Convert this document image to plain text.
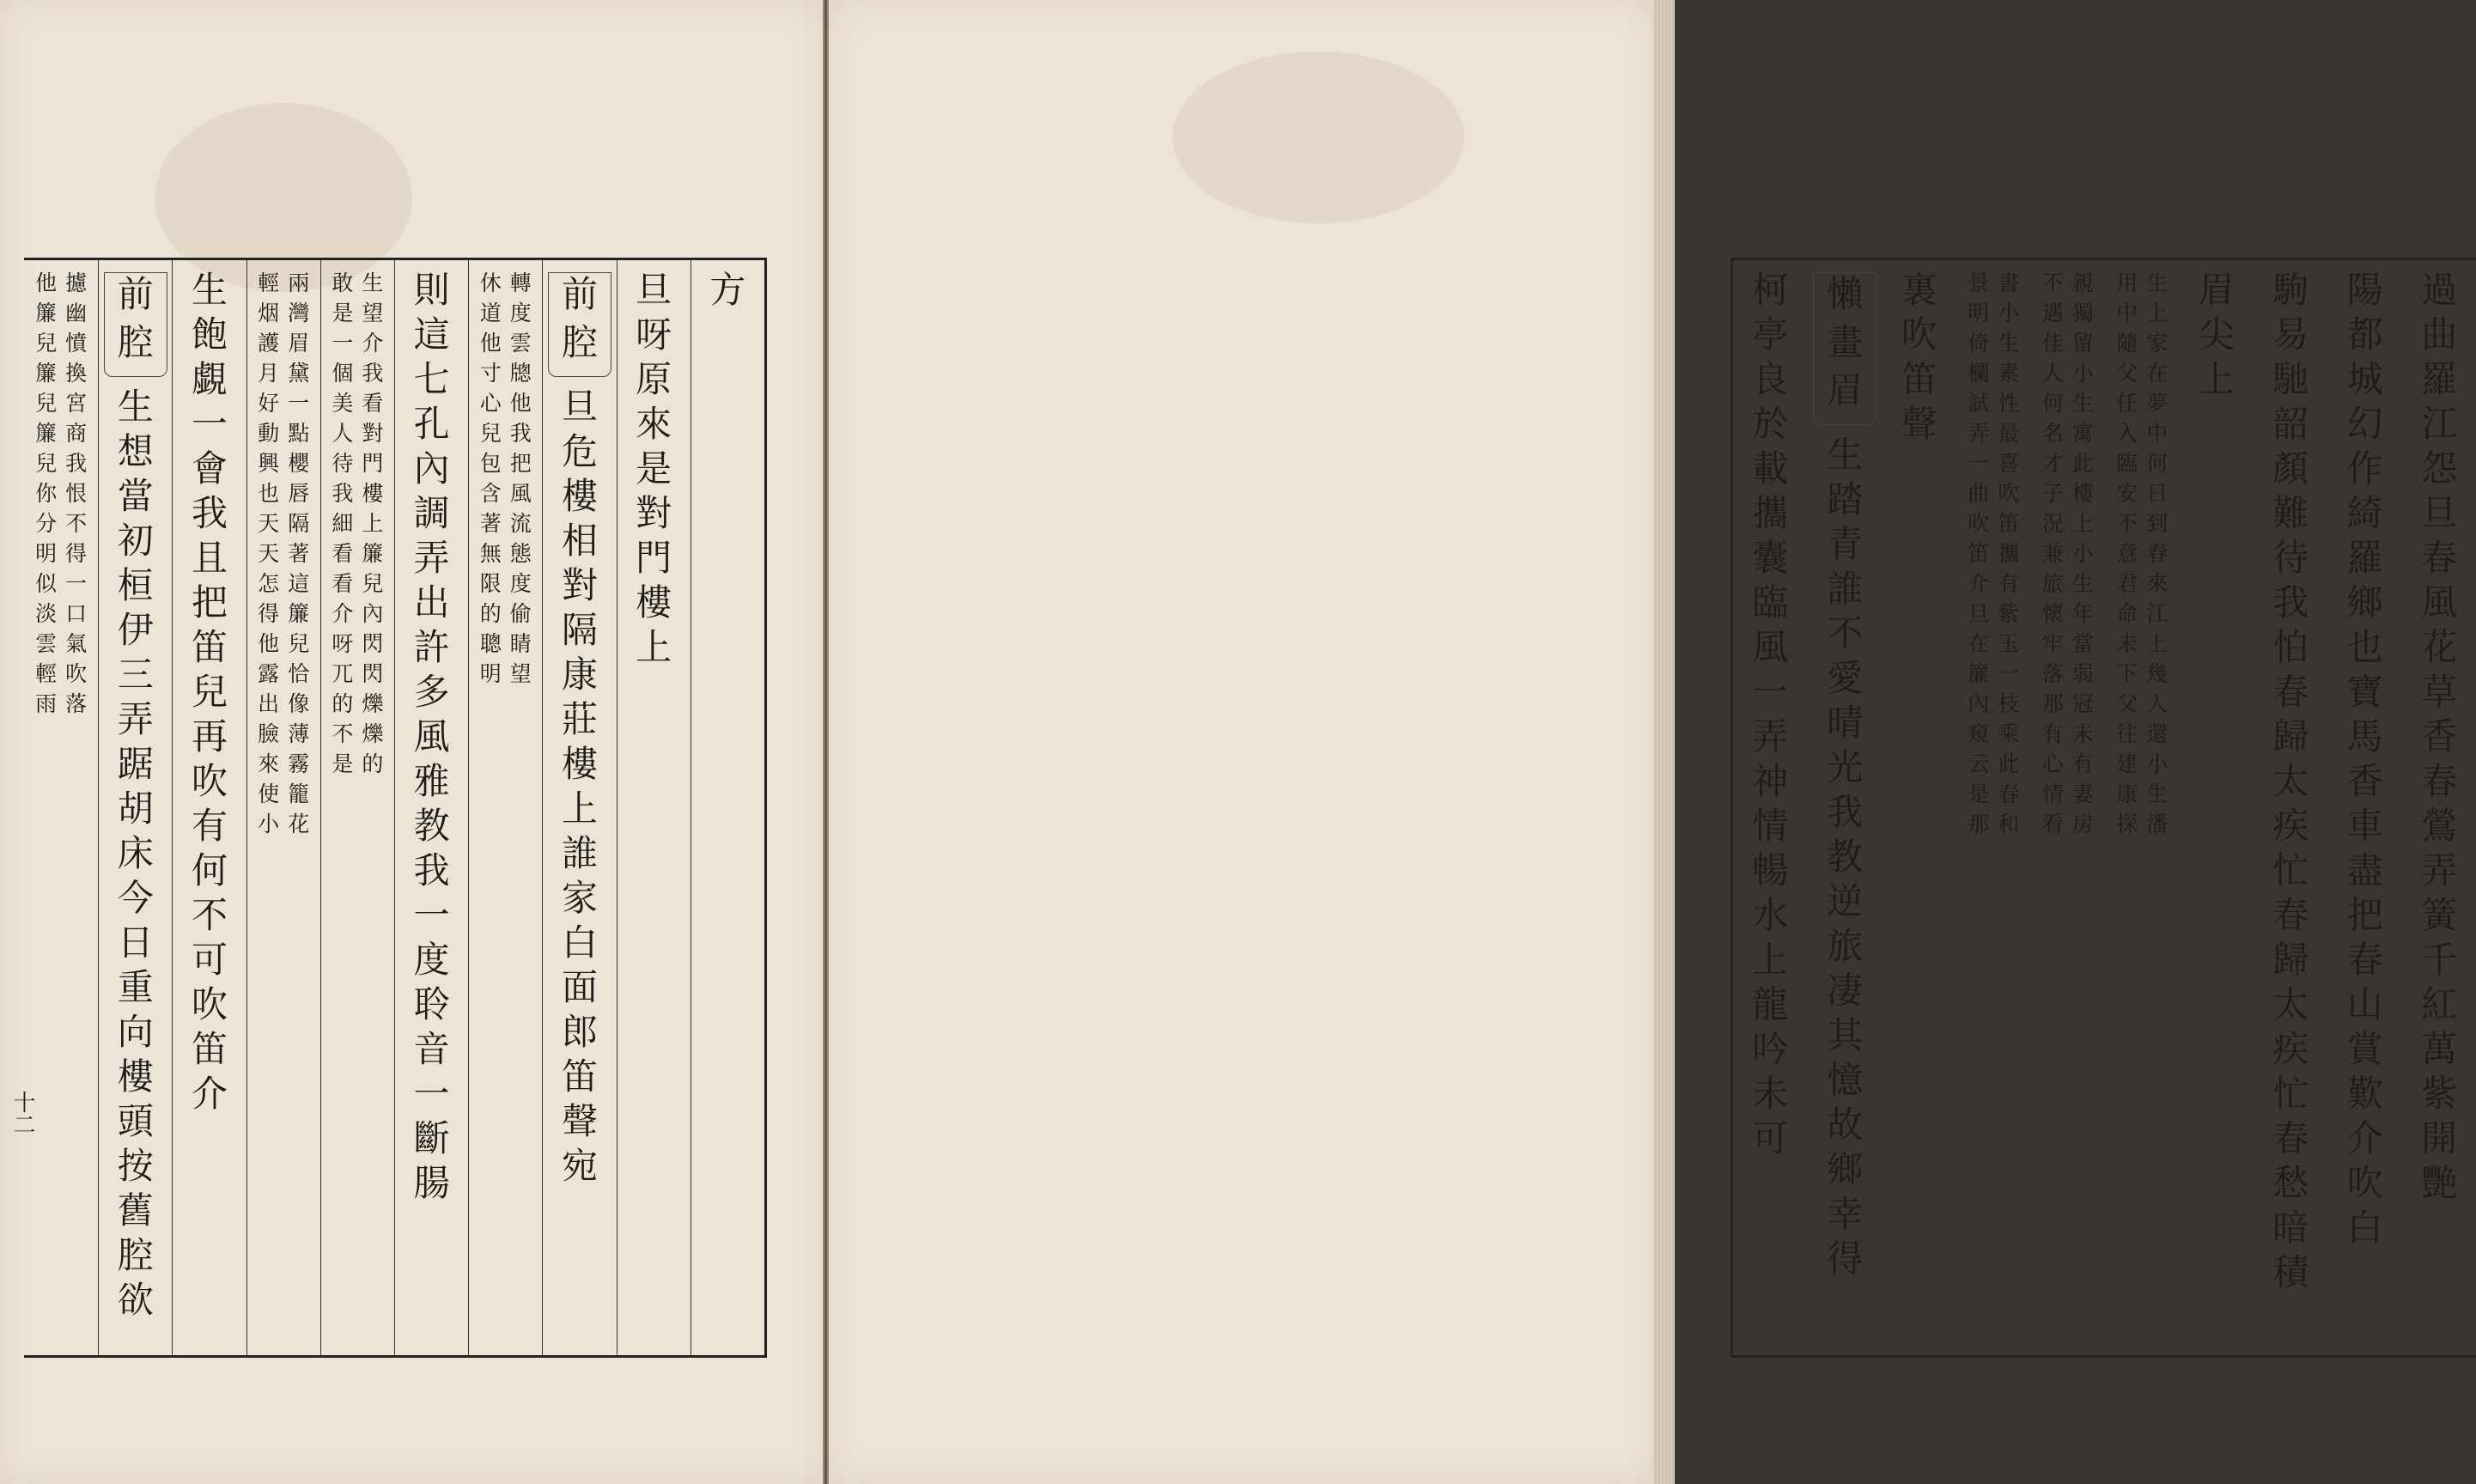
方
旦
呀
原
來
是
對
門
樓
上
前
腔
旦
危
樓
相
對
隔
康
莊
樓
上
誰
家
白
面
郎
笛
聲
宛
轉
度
雲
牕
他
我
把
風
流
態
度
偷
睛
望
休
道
他
寸
心
兒
包
含
著
無
限
的
聰
明
則
這
七
孔
內
調
弄
出
許
多
風
雅
教
我
一
度
聆
音
一
斷
腸
生
望
介
我
看
對
門
樓
上
簾
兒
內
閃
閃
爍
爍
的
敢
是
一
個
美
人
待
我
細
看
看
介
呀
兀
的
不
是
兩
灣
眉
黛
一
點
櫻
唇
隔
著
這
簾
兒
恰
像
薄
霧
籠
花
輕
烟
護
月
好
動
興
也
天
天
怎
得
他
露
出
臉
來
使
小
生
飽
覷
一
會
我
且
把
笛
兒
再
吹
有
何
不
可
吹
笛
介
前
腔
生
想
當
初
桓
伊
三
弄
踞
胡
床
今
日
重
向
樓
頭
按
舊
腔
欲
攄
幽
憤
換
宮
商
我
恨
不
得
一
口
氣
吹
落
他
簾
兒
簾
兒
簾
兒
你
分
明
似
淡
雲
輕
雨
十二
過
曲
羅
江
怨
旦
春
風
花
草
香
春
鶯
弄
簧
千
紅
萬
紫
開
艷
陽
都
城
幻
作
綺
羅
鄉
也
寶
馬
香
車
盡
把
春
山
賞
歎
介
吹
白
駒
易
馳
韶
顏
難
待
我
怕
春
歸
太
疾
忙
春
歸
太
疾
忙
春
愁
暗
積
眉
尖
上
生
上
家
在
夢
中
何
日
到
春
來
江
上
幾
人
還
小
生
潘
用
中
隨
父
任
入
臨
安
不
意
君
命
未
下
父
往
建
康
探
親
獨
留
小
生
寓
此
樓
上
小
生
年
當
弱
冠
未
有
妻
房
不
遇
佳
人
何
名
才
子
況
兼
旅
懷
牢
落
那
有
心
情
看
書
小
生
素
性
最
喜
吹
笛
攜
有
紫
玉
一
枝
乘
此
春
和
景
明
倚
欄
試
弄
一
曲
吹
笛
介
旦
在
簾
內
窺
云
是
那
裏
吹
笛
聲
懶
畫
眉
生
踏
青
誰
不
愛
晴
光
我
教
逆
旅
凄
其
憶
故
鄉
幸
得
柯
亭
良
於
載
攜
囊
臨
風
一
弄
神
情
暢
水
上
龍
吟
未
可
